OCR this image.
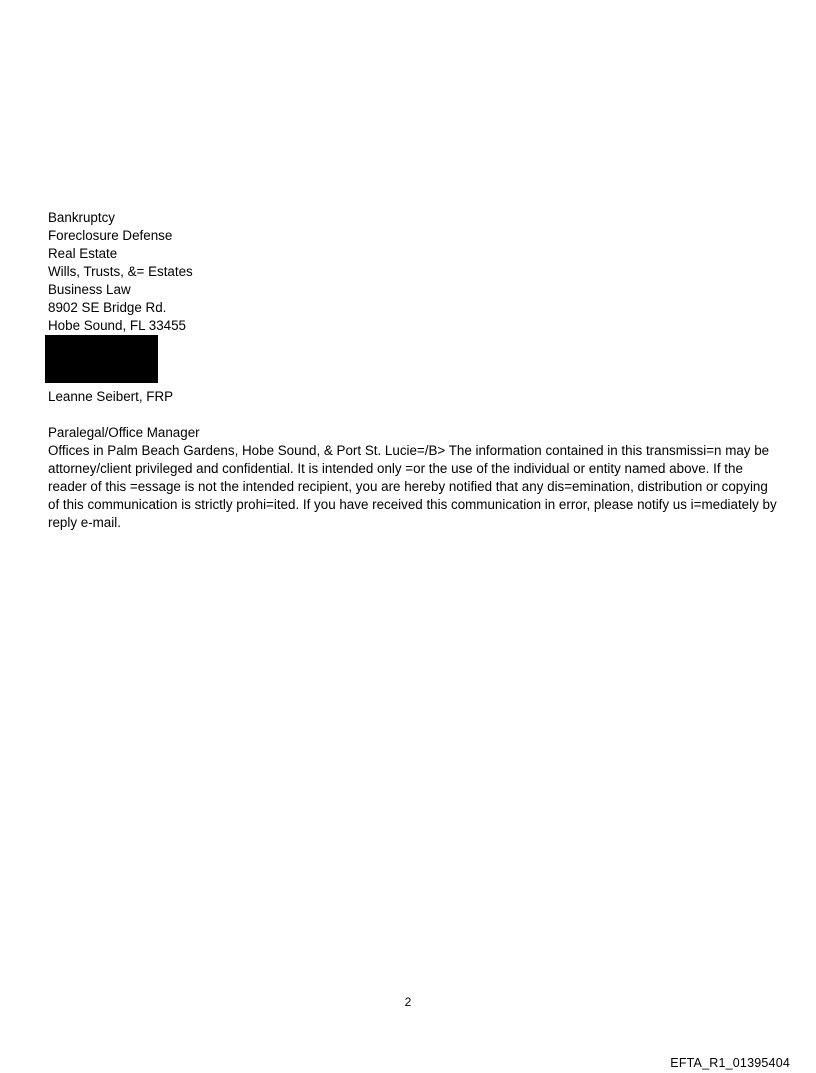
Bankruptcy
Foreclosure Defense
Real Estate
Wills, Trusts, &= Estates
Business Law
8902 SE Bridge Rd.
Hobe Sound, FL 33455
Leanne Seibert, FRP
Paralegal/Office Manager
Offices in Palm Beach Gardens, Hobe Sound, & Port St. Lucie=/B> The information contained in this transmissi=n may be attorney/client privileged and confidential. It is intended only =or the use of the individual or entity named above. If the reader of this =essage is not the intended recipient, you are hereby notified that any dis=emination, distribution or copying of this communication is strictly prohi=ited. If you have received this communication in error, please notify us i=mediately by reply e-mail.
2
EFTA_R1_01395404
